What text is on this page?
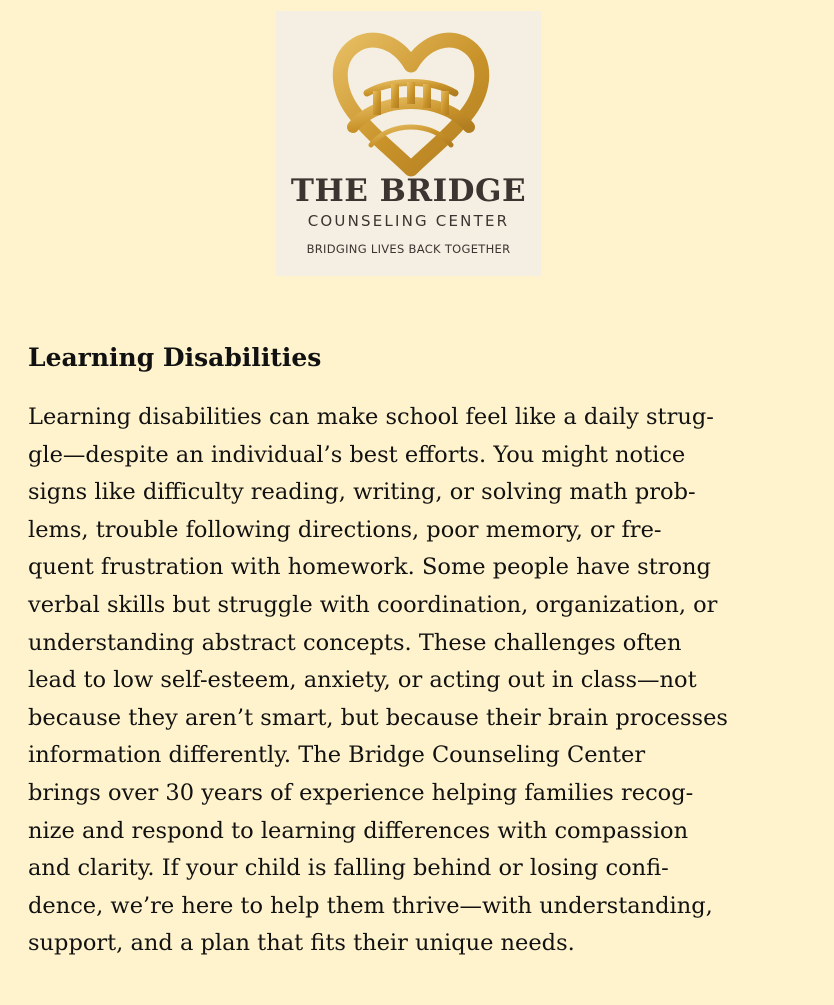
THE BRIDGE
COUNSELING CENTER
BRIDGING LIVES BACK TOGETHER
Learning Disabilities

Learning disabilities can make school feel like a daily strug-
gle—despite an individual’s best efforts. You might notice
signs like difficulty reading, writing, or solving math prob-
lems, trouble following directions, poor memory, or fre-
quent frustration with homework. Some people have strong
verbal skills but struggle with coordination, organization, or
understanding abstract concepts. These challenges often
lead to low self-esteem, anxiety, or acting out in class—not
because they aren’t smart, but because their brain processes
information differently. The Bridge Counseling Center
brings over 30 years of experience helping families recog-
nize and respond to learning differences with compassion
and clarity. If your child is falling behind or losing confi-
dence, we’re here to help them thrive—with understanding,
support, and a plan that fits their unique needs.
